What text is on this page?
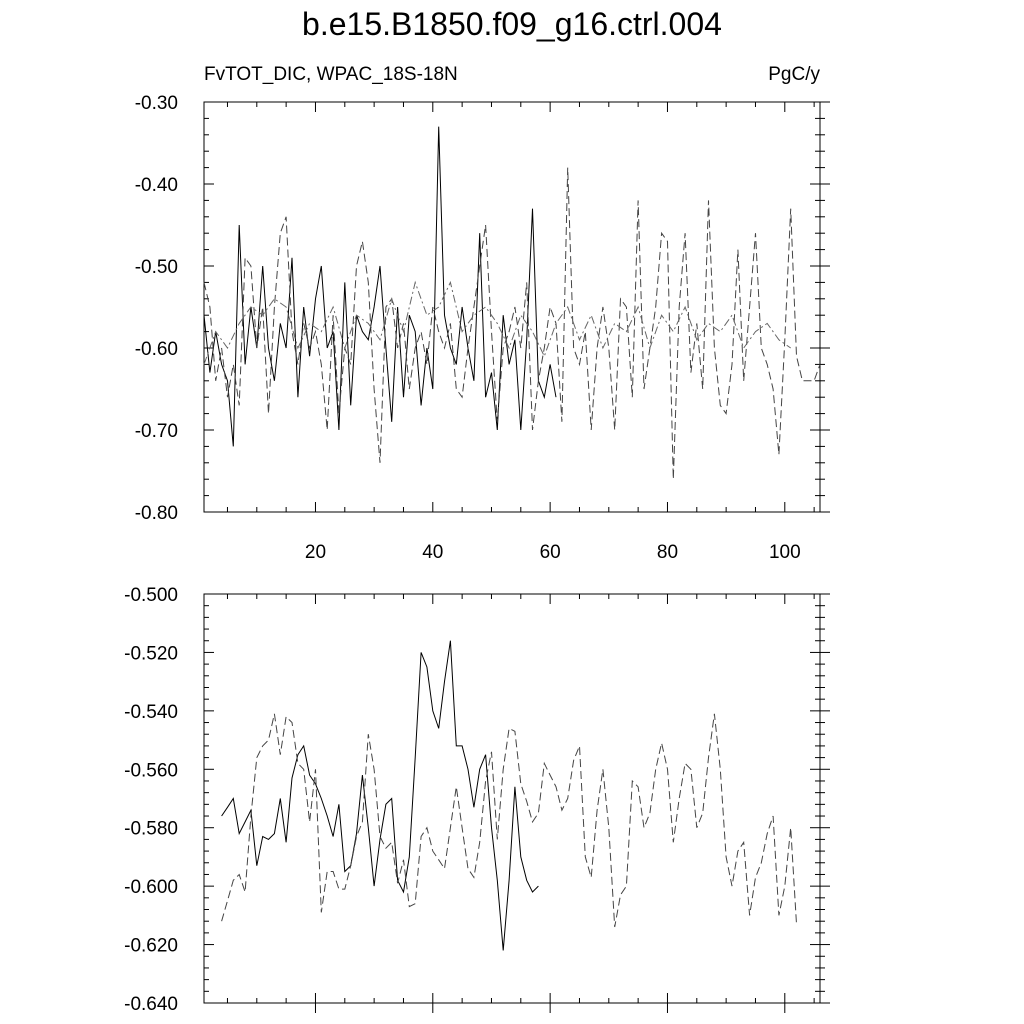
b.e15.B1850.f09_g16.ctrl.004
FvTOT_DIC, WPAC_18S-18N	PgC/y
20	40	60	80	100
-0.80
-0.70
-0.60
-0.50
-0.40
-0.30
-0.640
-0.620
-0.600
-0.580
-0.560
-0.540
-0.520
-0.500
